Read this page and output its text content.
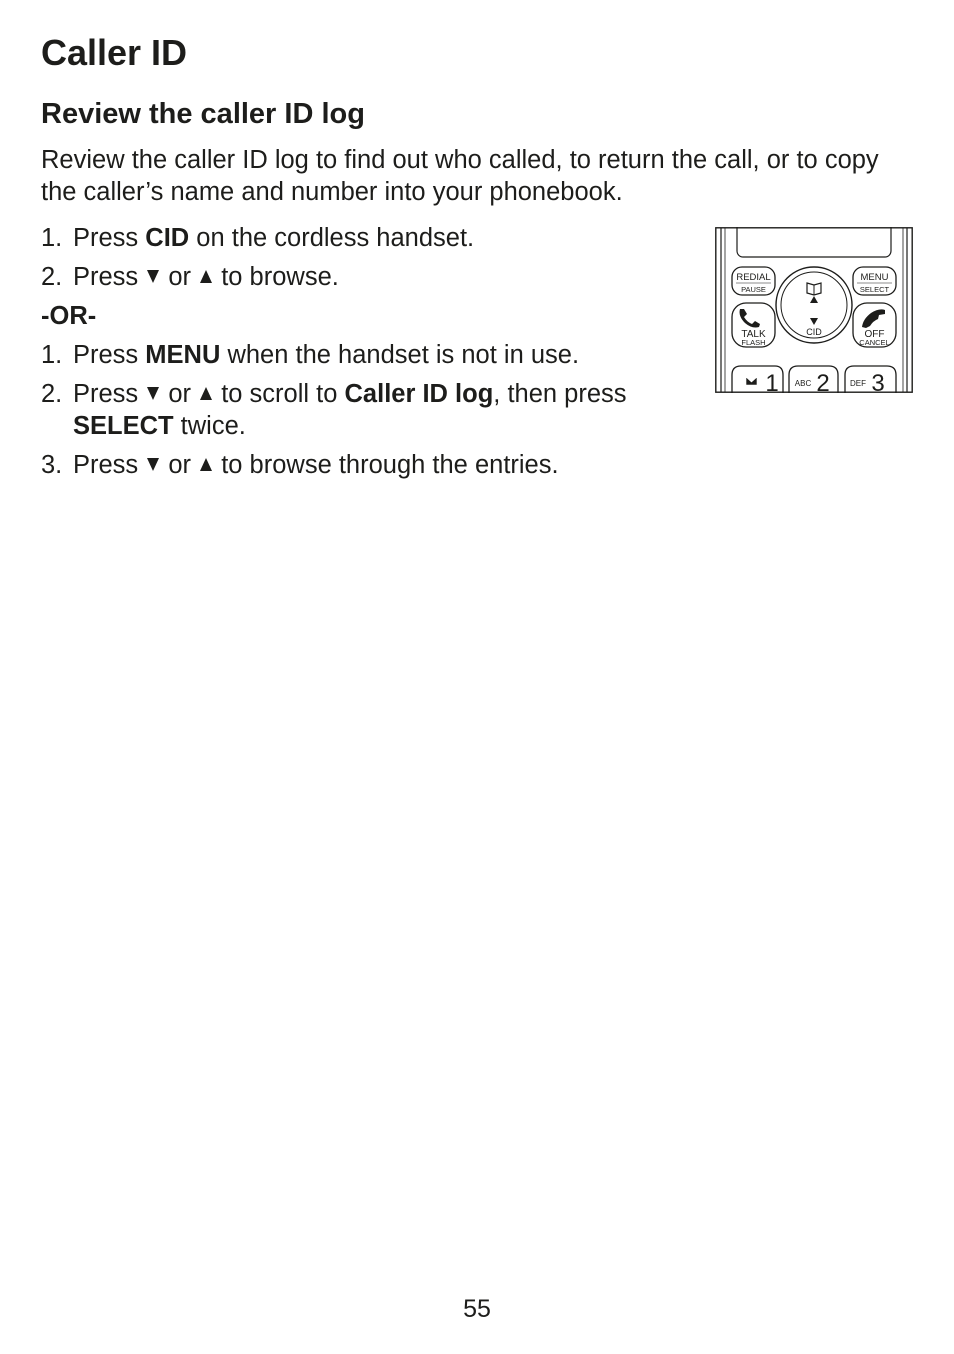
Caller ID
Review the caller ID log

Review the caller ID log to find out who called, to return the call, or to copy the caller’s name and number into your phonebook.

1. Press CID on the cordless handset.
2. Press  or  to browse.
-OR-
1. Press MENU when the handset is not in use.
2. Press  or  to scroll to Caller ID log, then press SELECT twice.
3. Press  or  to browse through the entries.
REDIAL
PAUSE
MENU
SELECT
CID
TALK
FLASH
OFF
CANCEL
1 ABC 2	DEF 3
55
